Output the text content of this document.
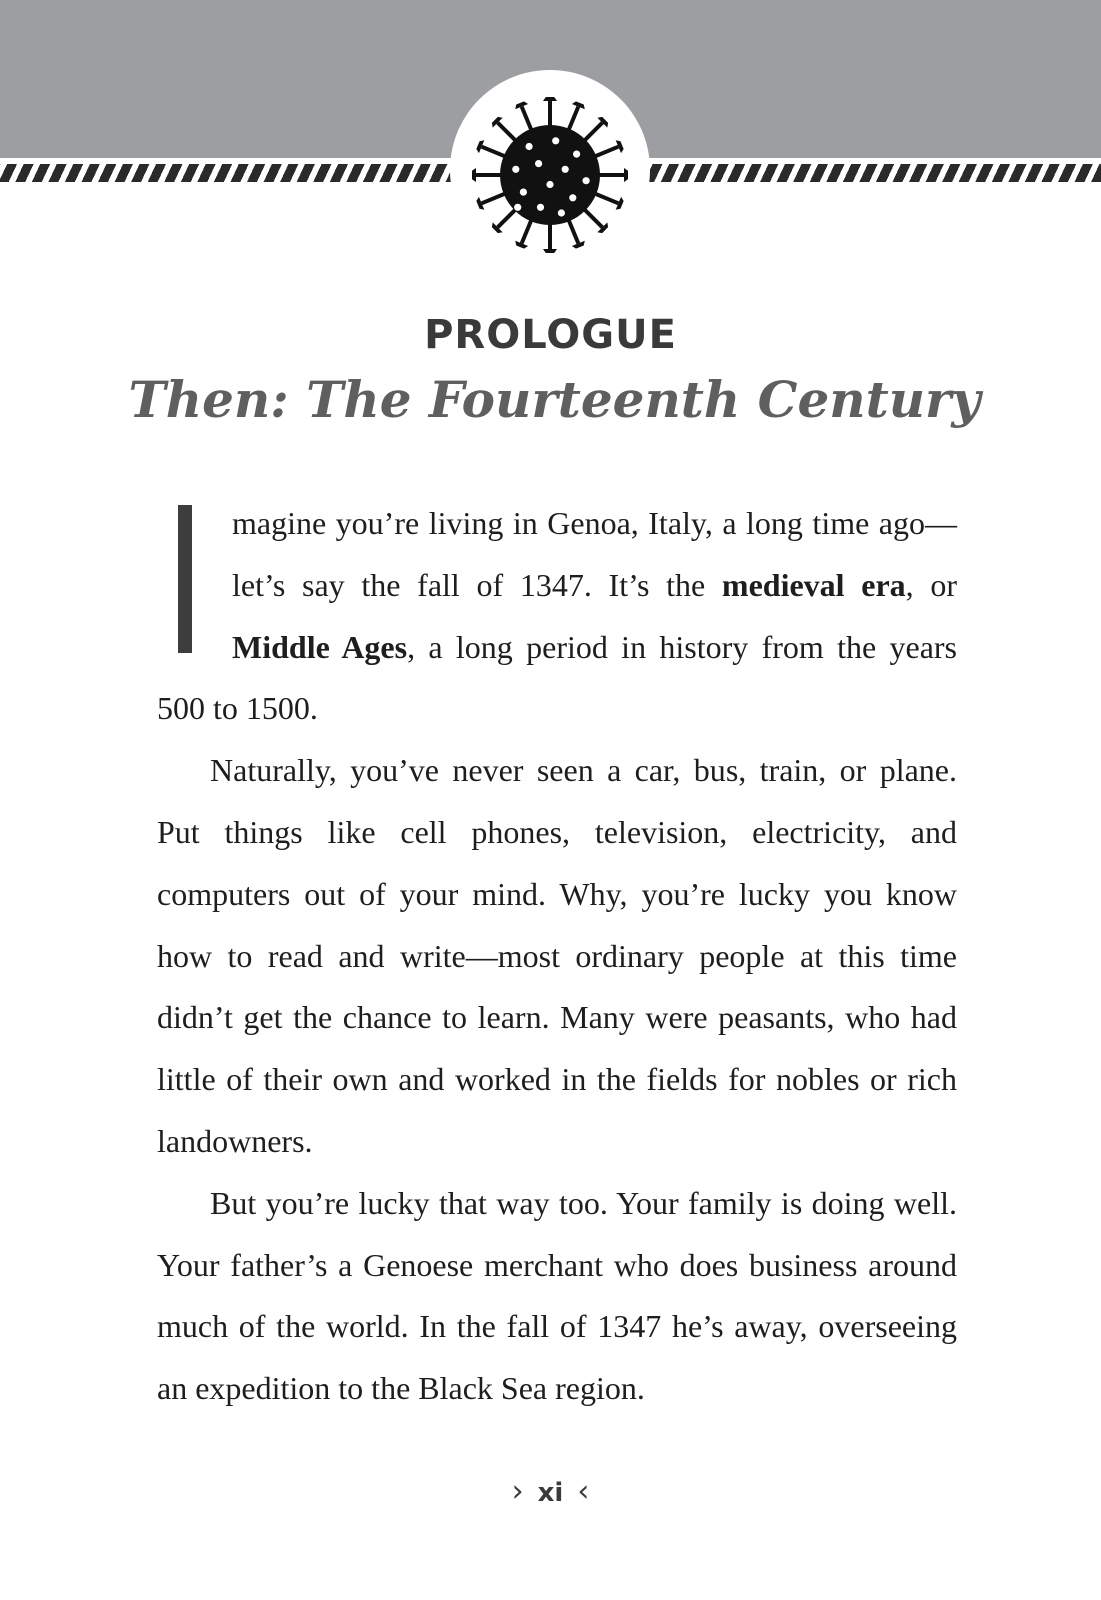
PROLOGUE
Then: The Fourteenth Century

magine you’re living in Genoa, Italy, a long time ago—let’s say the fall of 1347. It’s the medieval era, or Middle Ages, a long period in history from the years 500 to 1500.

Naturally, you’ve never seen a car, bus, train, or plane. Put things like cell phones, television, electricity, and computers out of your mind. Why, you’re lucky you know how to read and write—most ordinary people at this time didn’t get the chance to learn. Many were peasants, who had little of their own and worked in the fields for nobles or rich landowners.

But you’re lucky that way too. Your family is doing well. Your father’s a Genoese merchant who does business around much of the world. In the fall of 1347 he’s away, overseeing an expedition to the Black Sea region.

› xi ‹
